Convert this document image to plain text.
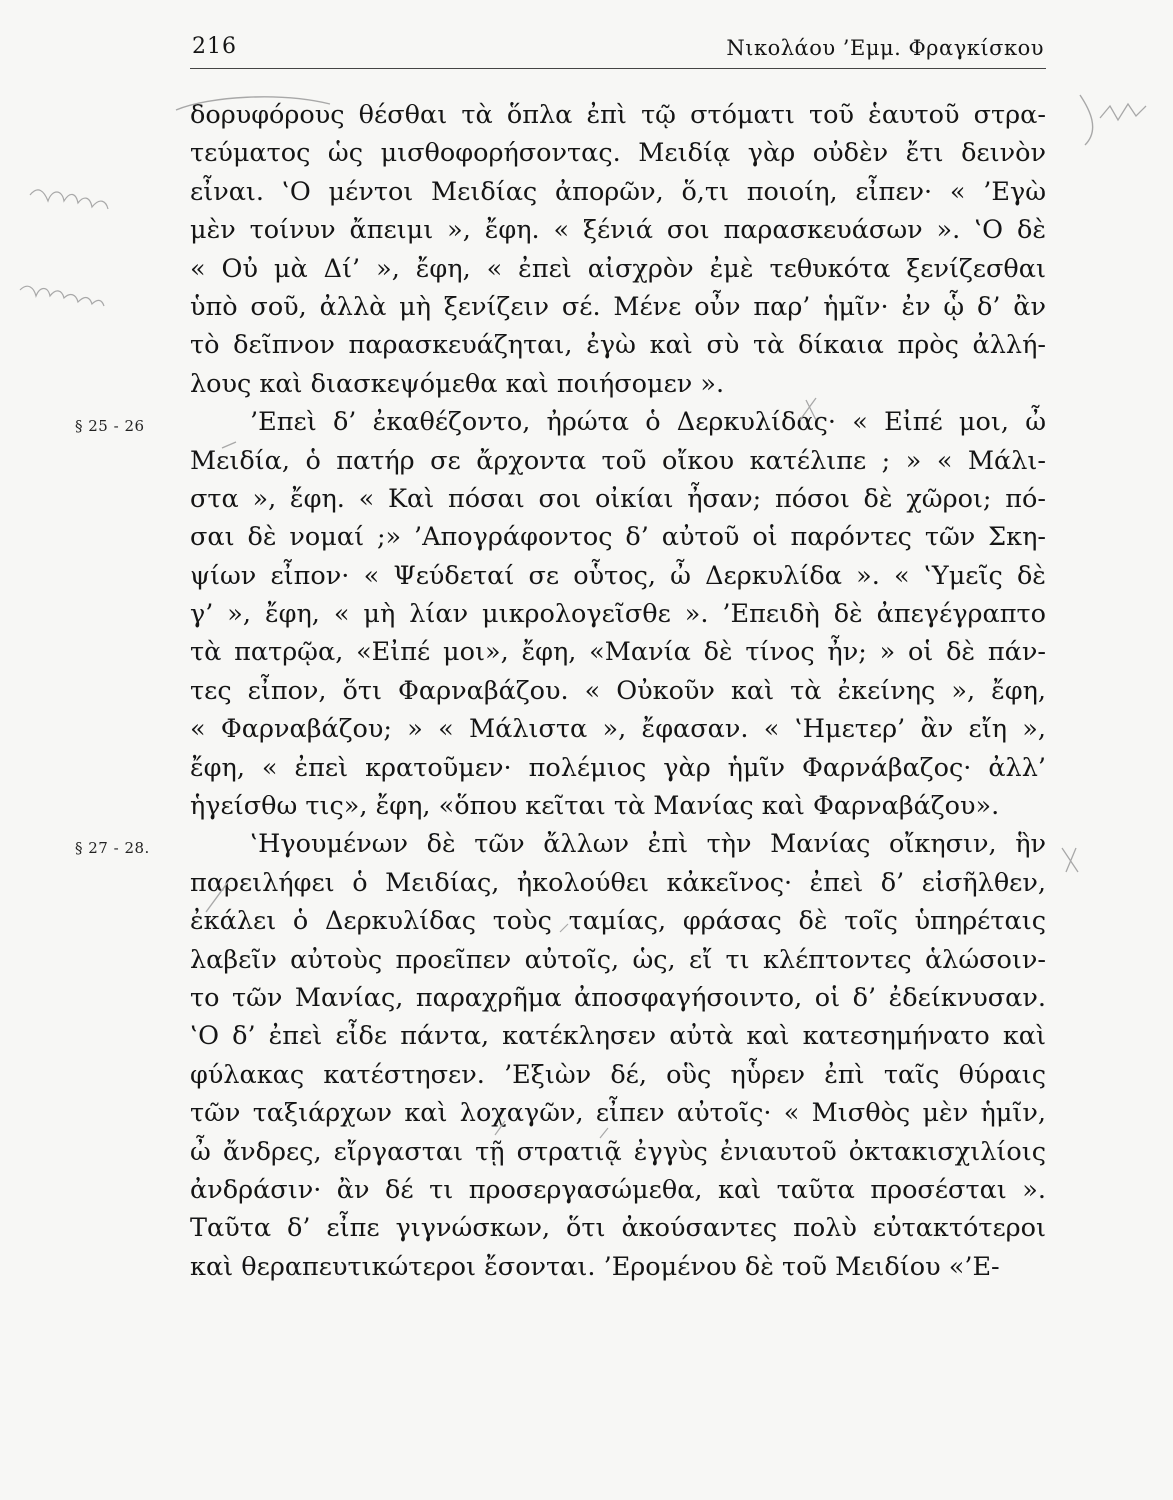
216	Νικολάου ’Εμμ. Φραγκίσκου
δορυφόρους θέσθαι τὰ ὅπλα ἐπὶ τῷ στόματι τοῦ ἑαυτοῦ στρα-
τεύματος ὡς μισθοφορήσοντας. Μειδίᾳ γὰρ οὐδὲν ἔτι δεινὸν
εἶναι. ‛Ο μέντοι Μειδίας ἀπορῶν, ὅ,τι ποιοίη, εἶπεν· « ’Εγὼ
μὲν τοίνυν ἄπειμι », ἔφη. « ξένιά σοι παρασκευάσων ». ‛Ο δὲ
« Οὐ μὰ Δί’ », ἔφη, « ἐπεὶ αἰσχρὸν ἐμὲ τεθυκότα ξενίζεσθαι
ὑπὸ σοῦ, ἀλλὰ μὴ ξενίζειν σέ. Μένε οὖν παρ’ ἡμῖν· ἐν ᾧ δ’ ἂν
τὸ δεῖπνον παρασκευάζηται, ἐγὼ καὶ σὺ τὰ δίκαια πρὸς ἀλλή-
λους καὶ διασκεψόμεθα καὶ ποιήσομεν ».
§ 25 - 26	’Επεὶ δ’ ἐκαθέζοντο, ἠρώτα ὁ Δερκυλίδας· « Εἰπέ μοι, ὦ
Μειδία, ὁ πατήρ σε ἄρχοντα τοῦ οἴκου κατέλιπε ; » « Μάλι-
στα », ἔφη. « Καὶ πόσαι σοι οἰκίαι ἦσαν; πόσοι δὲ χῶροι; πό-
σαι δὲ νομαί ;» ’Απογράφοντος δ’ αὐτοῦ οἱ παρόντες τῶν Σκη-
ψίων εἶπον· « Ψεύδεταί σε οὗτος, ὦ Δερκυλίδα ». « ‛Υμεῖς δὲ
γ’ », ἔφη, « μὴ λίαν μικρολογεῖσθε ». ’Επειδὴ δὲ ἀπεγέγραπτο
τὰ πατρῷα, «Εἰπέ μοι», ἔφη, «Μανία δὲ τίνος ἦν; » οἱ δὲ πάν-
τες εἶπον, ὅτι Φαρναβάζου. « Οὐκοῦν καὶ τὰ ἐκείνης », ἔφη,
« Φαρναβάζου; » « Μάλιστα », ἔφασαν. « ‛Ημετερ’ ἂν εἴη »,
ἔφη, « ἐπεὶ κρατοῦμεν· πολέμιος γὰρ ἡμῖν Φαρνάβαζος· ἀλλ’
ἡγείσθω τις», ἔφη, «ὅπου κεῖται τὰ Μανίας καὶ Φαρναβάζου».
§ 27 - 28.	‛Ηγουμένων δὲ τῶν ἄλλων ἐπὶ τὴν Μανίας οἴκησιν, ἣν
παρειλήφει ὁ Μειδίας, ἠκολούθει κἀκεῖνος· ἐπεὶ δ’ εἰσῆλθεν,
ἐκάλει ὁ Δερκυλίδας τοὺς ταμίας, φράσας δὲ τοῖς ὑπηρέταις
λαβεῖν αὐτοὺς προεῖπεν αὐτοῖς, ὡς, εἴ τι κλέπτοντες ἁλώσοιν-
το τῶν Μανίας, παραχρῆμα ἀποσφαγήσοιντο, οἱ δ’ ἐδείκνυσαν.
‛Ο δ’ ἐπεὶ εἶδε πάντα, κατέκλησεν αὐτὰ καὶ κατεσημήνατο καὶ
φύλακας κατέστησεν. ’Εξιὼν δέ, οὓς ηὗρεν ἐπὶ ταῖς θύραις
τῶν ταξιάρχων καὶ λοχαγῶν, εἶπεν αὐτοῖς· « Μισθὸς μὲν ἡμῖν,
ὦ ἄνδρες, εἴργασται τῇ στρατιᾷ ἐγγὺς ἐνιαυτοῦ ὀκτακισχιλίοις
ἀνδράσιν· ἂν δέ τι προσεργασώμεθα, καὶ ταῦτα προσέσται ».
Ταῦτα δ’ εἶπε γιγνώσκων, ὅτι ἀκούσαντες πολὺ εὐτακτότεροι
καὶ θεραπευτικώτεροι ἔσονται. ’Ερομένου δὲ τοῦ Μειδίου «’Ε-
